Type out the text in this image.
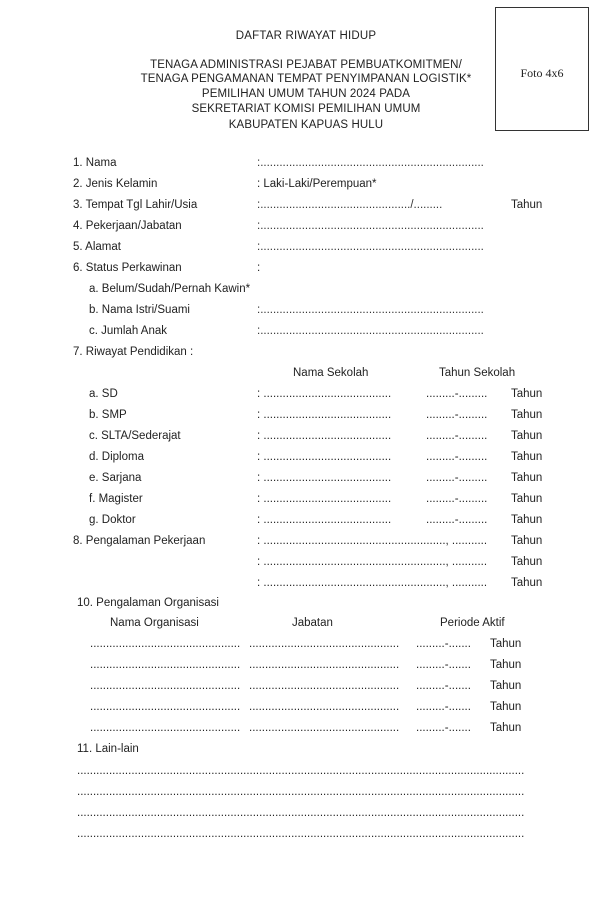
DAFTAR RIWAYAT HIDUP
TENAGA ADMINISTRASI PEJABAT PEMBUATKOMITMEN/
TENAGA PENGAMANAN TEMPAT PENYIMPANAN LOGISTIK*
PEMILIHAN UMUM TAHUN 2024 PADA
SEKRETARIAT KOMISI PEMILIHAN UMUM
KABUPATEN KAPUAS HULU
Foto 4x6
1. Nama	:......................................................................
2. Jenis Kelamin	: Laki-Laki/Perempuan*
3. Tempat Tgl Lahir/Usia	:.............................................../.........	Tahun
4. Pekerjaan/Jabatan	:......................................................................
5. Alamat	:......................................................................
6. Status Perkawinan	:
a. Belum/Sudah/Pernah Kawin*
b. Nama Istri/Suami	:......................................................................
c. Jumlah Anak	:......................................................................
7. Riwayat Pendidikan :
Nama Sekolah	Tahun Sekolah
a. SD	: ........................................	.........-......... Tahun
b. SMP	: ........................................	.........-......... Tahun
c. SLTA/Sederajat	: ........................................	.........-......... Tahun
d. Diploma	: ........................................	.........-......... Tahun
e. Sarjana	: ........................................	.........-......... Tahun
f. Magister	: ........................................	.........-......... Tahun
g. Doktor	: ........................................	.........-......... Tahun
8. Pengalaman Pekerjaan	: ........................................................., ........... Tahun
: ........................................................., ........... Tahun
: ........................................................., ........... Tahun
10. Pengalaman Organisasi
Nama Organisasi	Jabatan	Periode Aktif
............................................... ............................................... .........-....... Tahun
............................................... ............................................... .........-....... Tahun
............................................... ............................................... .........-....... Tahun
............................................... ............................................... .........-....... Tahun
............................................... ............................................... .........-....... Tahun
11. Lain-lain
............................................................................................................................................
............................................................................................................................................
............................................................................................................................................
............................................................................................................................................
